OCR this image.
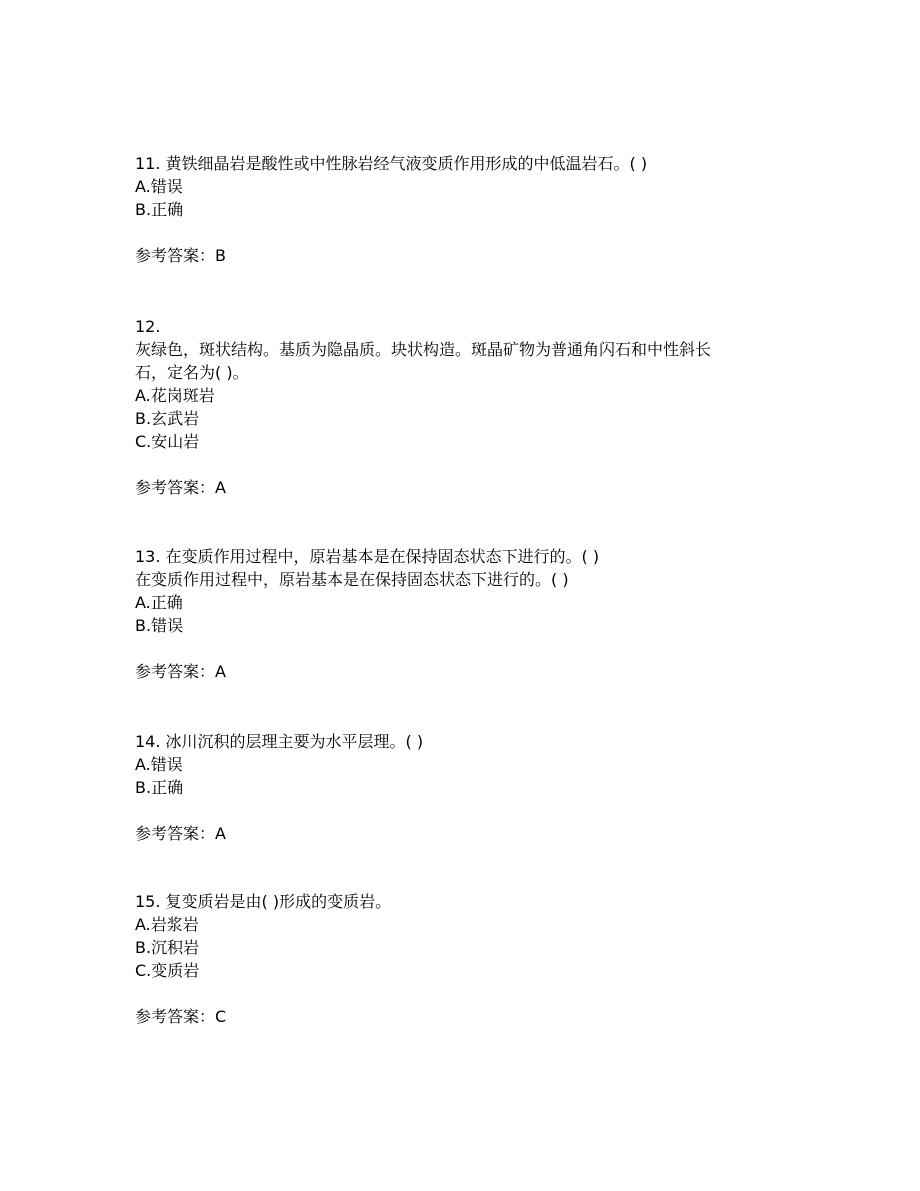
11. 黄铁细晶岩是酸性或中性脉岩经气液变质作用形成的中低温岩石。( )
A.错误
B.正确
参考答案：B
12.
灰绿色，斑状结构。基质为隐晶质。块状构造。斑晶矿物为普通角闪石和中性斜长
石，定名为( )。
A.花岗斑岩
B.玄武岩
C.安山岩
参考答案：A
13. 在变质作用过程中，原岩基本是在保持固态状态下进行的。( )
在变质作用过程中，原岩基本是在保持固态状态下进行的。( )
A.正确
B.错误
参考答案：A
14. 冰川沉积的层理主要为水平层理。( )
A.错误
B.正确
参考答案：A
15. 复变质岩是由( )形成的变质岩。
A.岩浆岩
B.沉积岩
C.变质岩
参考答案：C
